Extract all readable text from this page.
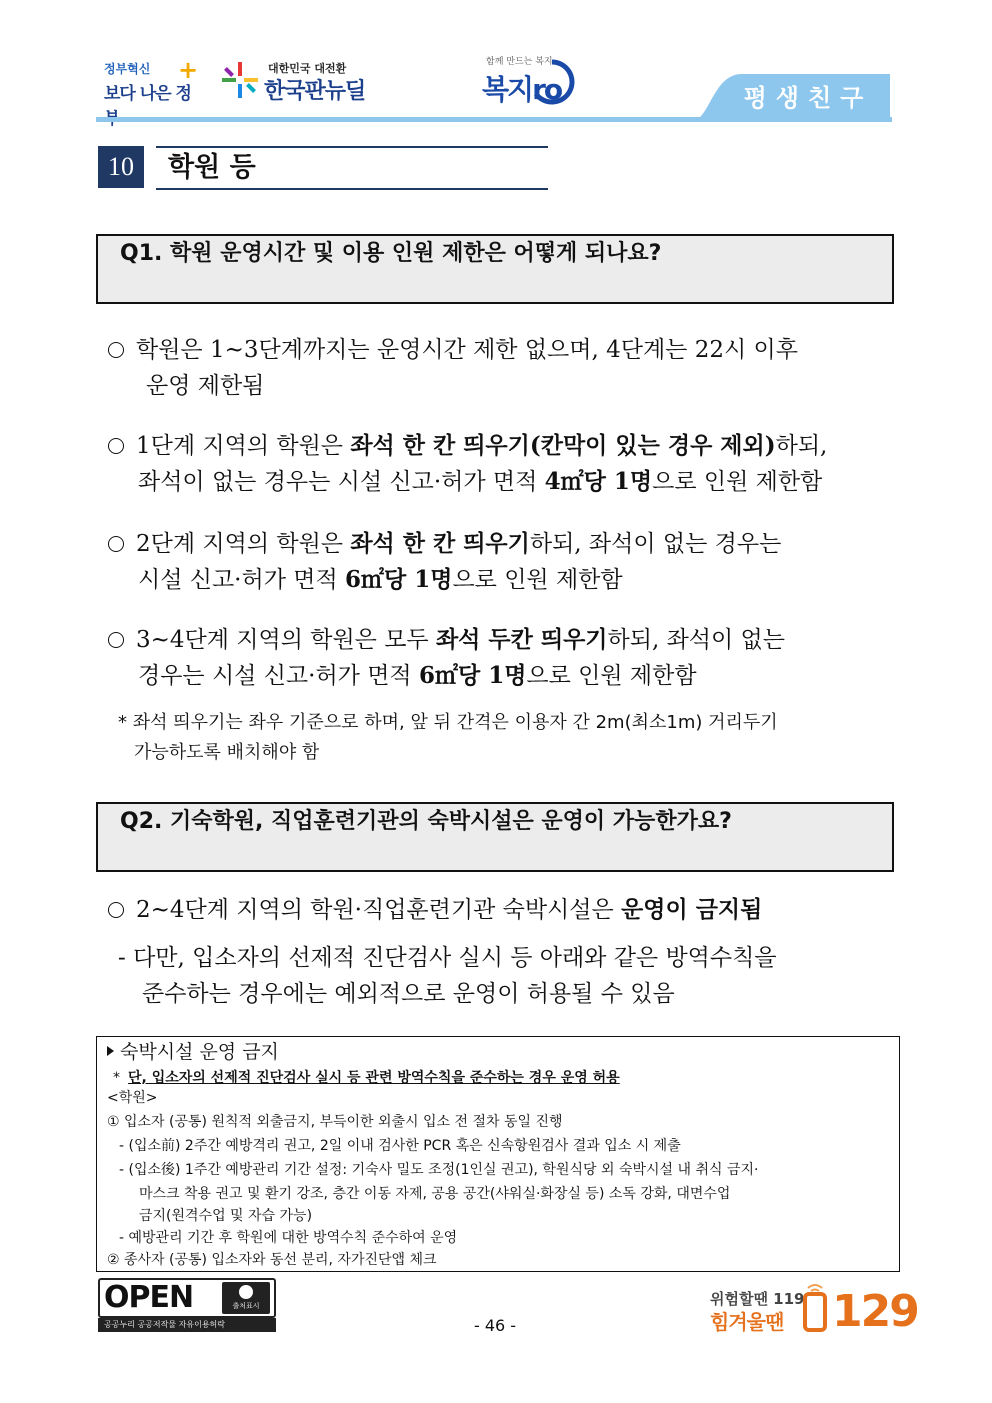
정부혁신
보다 나은 정
+	대한민국 대전환
한국판뉴딜
함께 만드는 복지
복지ro	평생친구
10	학원 등
Q1. 학원 운영시간 및 이용 인원 제한은 어떻게 되나요?
학원은 1~3단계까지는 운영시간 제한 없으며, 4단계는 22시 이후
운영 제한됨
1단계 지역의 학원은 좌석 한 칸 띄우기(칸막이 있는 경우 제외)하되,
좌석이 없는 경우는 시설 신고·허가 면적 4㎡당 1명으로 인원 제한함
2단계 지역의 학원은 좌석 한 칸 띄우기하되, 좌석이 없는 경우는
시설 신고·허가 면적 6㎡당 1명으로 인원 제한함
3~4단계 지역의 학원은 모두 좌석 두칸 띄우기하되, 좌석이 없는
경우는 시설 신고·허가 면적 6㎡당 1명으로 인원 제한함
* 좌석 띄우기는 좌우 기준으로 하며, 앞 뒤 간격은 이용자 간 2m(최소1m) 거리두기
가능하도록 배치해야 함
Q2. 기숙학원, 직업훈련기관의 숙박시설은 운영이 가능한가요?
2~4단계 지역의 학원·직업훈련기관 숙박시설은 운영이 금지됨
- 다만, 입소자의 선제적 진단검사 실시 등 아래와 같은 방역수칙을
준수하는 경우에는 예외적으로 운영이 허용될 수 있음
숙박시설 운영 금지
* 단, 입소자의 선제적 진단검사 실시 등 관련 방역수칙을 준수하는 경우 운영 허용
<학원>
① 입소자 (공통) 원칙적 외출금지, 부득이한 외출시 입소 전 절차 동일 진행
- (입소前) 2주간 예방격리 권고, 2일 이내 검사한 PCR 혹은 신속항원검사 결과 입소 시 제출
- (입소後) 1주간 예방관리 기간 설정: 기숙사 밀도 조정(1인실 권고), 학원식당 외 숙박시설 내 취식 금지·
마스크 착용 권고 및 환기 강조, 층간 이동 자제, 공용 공간(샤워실·화장실 등) 소독 강화, 대면수업
금지(원격수업 및 자습 가능)
- 예방관리 기간 후 학원에 대한 방역수칙 준수하여 운영
② 종사자 (공통) 입소자와 동선 분리, 자가진단앱 체크
OPEN	출처표시
공공누리 공공저작물 자유이용허락	- 46 -
위험할땐 119
힘겨울땐 129
